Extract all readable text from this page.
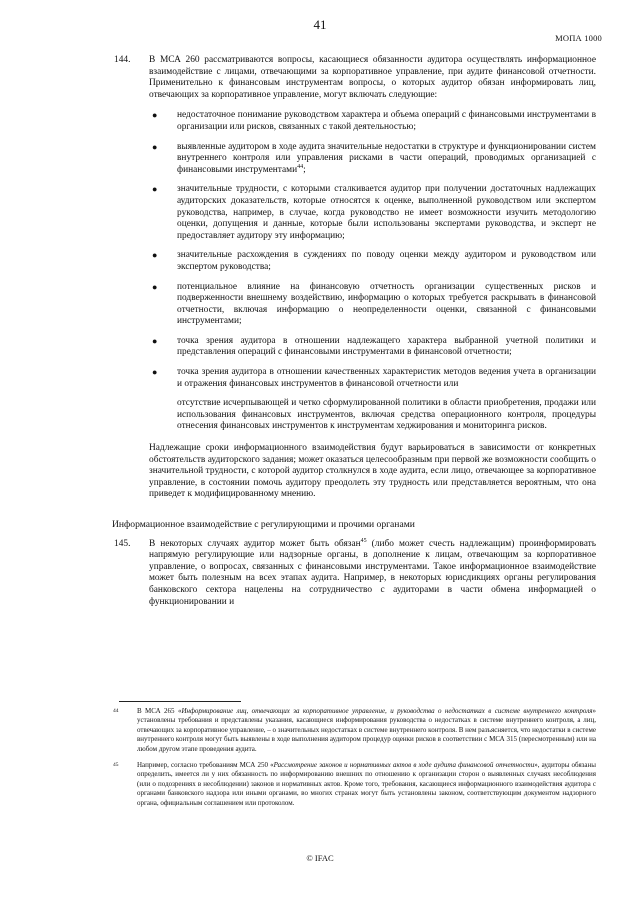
41
МОПА 1000
144. В МСА 260 рассматриваются вопросы, касающиеся обязанности аудитора осуществлять информационное взаимодействие с лицами, отвечающими за корпоративное управление, при аудите финансовой отчетности. Применительно к финансовым инструментам вопросы, о которых аудитор обязан информировать лиц, отвечающих за корпоративное управление, могут включать следующие:
● недостаточное понимание руководством характера и объема операций с финансовыми инструментами в организации или рисков, связанных с такой деятельностью;
● выявленные аудитором в ходе аудита значительные недостатки в структуре и функционировании систем внутреннего контроля или управления рисками в части операций, проводимых организацией с финансовыми инструментами$^{44}$;
● значительные трудности, с которыми сталкивается аудитор при получении достаточных надлежащих аудиторских доказательств, которые относятся к оценке, выполненной руководством или экспертом руководства, например, в случае, когда руководство не имеет возможности изучить методологию оценки, допущения и данные, которые были использованы экспертами руководства, и эксперт не предоставляет аудитору эту информацию;
● значительные расхождения в суждениях по поводу оценки между аудитором и руководством или экспертом руководства;
● потенциальное влияние на финансовую отчетность организации существенных рисков и подверженности внешнему воздействию, информацию о которых требуется раскрывать в финансовой отчетности, включая информацию о неопределенности оценки, связанной с финансовыми инструментами;
● точка зрения аудитора в отношении надлежащего характера выбранной учетной политики и представления операций с финансовыми инструментами в финансовой отчетности;
● точка зрения аудитора в отношении качественных характеристик методов ведения учета в организации и отражения финансовых инструментов в финансовой отчетности или
отсутствие исчерпывающей и четко сформулированной политики в области приобретения, продажи или использования финансовых инструментов, включая средства операционного контроля, процедуры отнесения финансовых инструментов к инструментам хеджирования и мониторинга рисков.
Надлежащие сроки информационного взаимодействия будут варьироваться в зависимости от конкретных обстоятельств аудиторского задания; может оказаться целесообразным при первой же возможности сообщить о значительной трудности, с которой аудитор столкнулся в ходе аудита, если лицо, отвечающее за корпоративное управление, в состоянии помочь аудитору преодолеть эту трудность или представляется вероятным, что она приведет к модифицированному мнению.
Информационное взаимодействие с регулирующими и прочими органами
145. В некоторых случаях аудитор может быть обязан$^{45}$ (либо может счесть надлежащим) проинформировать напрямую регулирующие или надзорные органы, в дополнение к лицам, отвечающим за корпоративное управление, о вопросах, связанных с финансовыми инструментами. Такое информационное взаимодействие может быть полезным на всех этапах аудита. Например, в некоторых юрисдикциях органы регулирования банковского сектора нацелены на сотрудничество с аудиторами в части обмена информацией о функционировании и
44	В МСА 265 «Информирование лиц, отвечающих за корпоративное управление, и руководства о недостатках в системе внутреннего контроля» установлены требования и представлены указания, касающиеся информирования руководства о недостатках в системе внутреннего контроля, а лиц, отвечающих за корпоративное управление, – о значительных недостатках в системе внутреннего контроля. В нем разъясняется, что недостатки в системе внутреннего контроля могут быть выявлены в ходе выполнения аудитором процедур оценки рисков в соответствии с МСА 315 (пересмотренным) или на любом другом этапе проведения аудита.
45	Например, согласно требованиям МСА 250 «Рассмотрение законов и нормативных актов в ходе аудита финансовой отчетности», аудиторы обязаны определить, имеется ли у них обязанность по информированию внешних по отношению к организации сторон о выявленных случаях несоблюдения (или о подозрениях в несоблюдении) законов и нормативных актов. Кроме того, требования, касающиеся информационного взаимодействия аудитора с органами банковского надзора или иными органами, во многих странах могут быть установлены законом, соответствующим документом надзорного органа, официальным соглашением или протоколом.
© IFAC
